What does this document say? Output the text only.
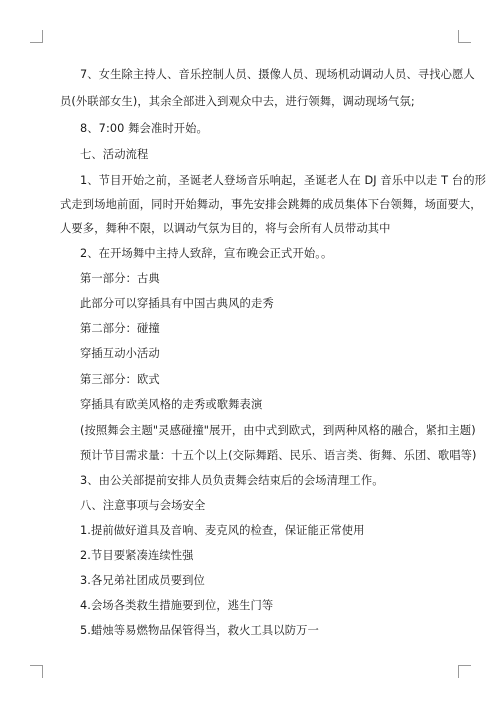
7、女生除主持人、音乐控制人员、摄像人员、现场机动调动人员、寻找心愿人
员(外联部女生)，其余全部进入到观众中去，进行领舞，调动现场气氛;
8、7:00 舞会准时开始。
七、活动流程
1、节目开始之前，圣诞老人登场音乐响起，圣诞老人在 DJ 音乐中以走 T 台的形
式走到场地前面，同时开始舞动，事先安排会跳舞的成员集体下台领舞，场面要大，
人要多，舞种不限，以调动气氛为目的，将与会所有人员带动其中
2、在开场舞中主持人致辞，宣布晚会正式开始。。
第一部分：古典
此部分可以穿插具有中国古典风的走秀
第二部分：碰撞
穿插互动小活动
第三部分：欧式
穿插具有欧美风格的走秀或歌舞表演
(按照舞会主题"灵感碰撞"展开，由中式到欧式，到两种风格的融合，紧扣主题)
预计节目需求量：十五个以上(交际舞蹈、民乐、语言类、街舞、乐团、歌唱等)
3、由公关部提前安排人员负责舞会结束后的会场清理工作。
八、注意事项与会场安全
1.提前做好道具及音响、麦克风的检查，保证能正常使用
2.节目要紧凑连续性强
3.各兄弟社团成员要到位
4.会场各类救生措施要到位，逃生门等
5.蜡烛等易燃物品保管得当，救火工具以防万一
